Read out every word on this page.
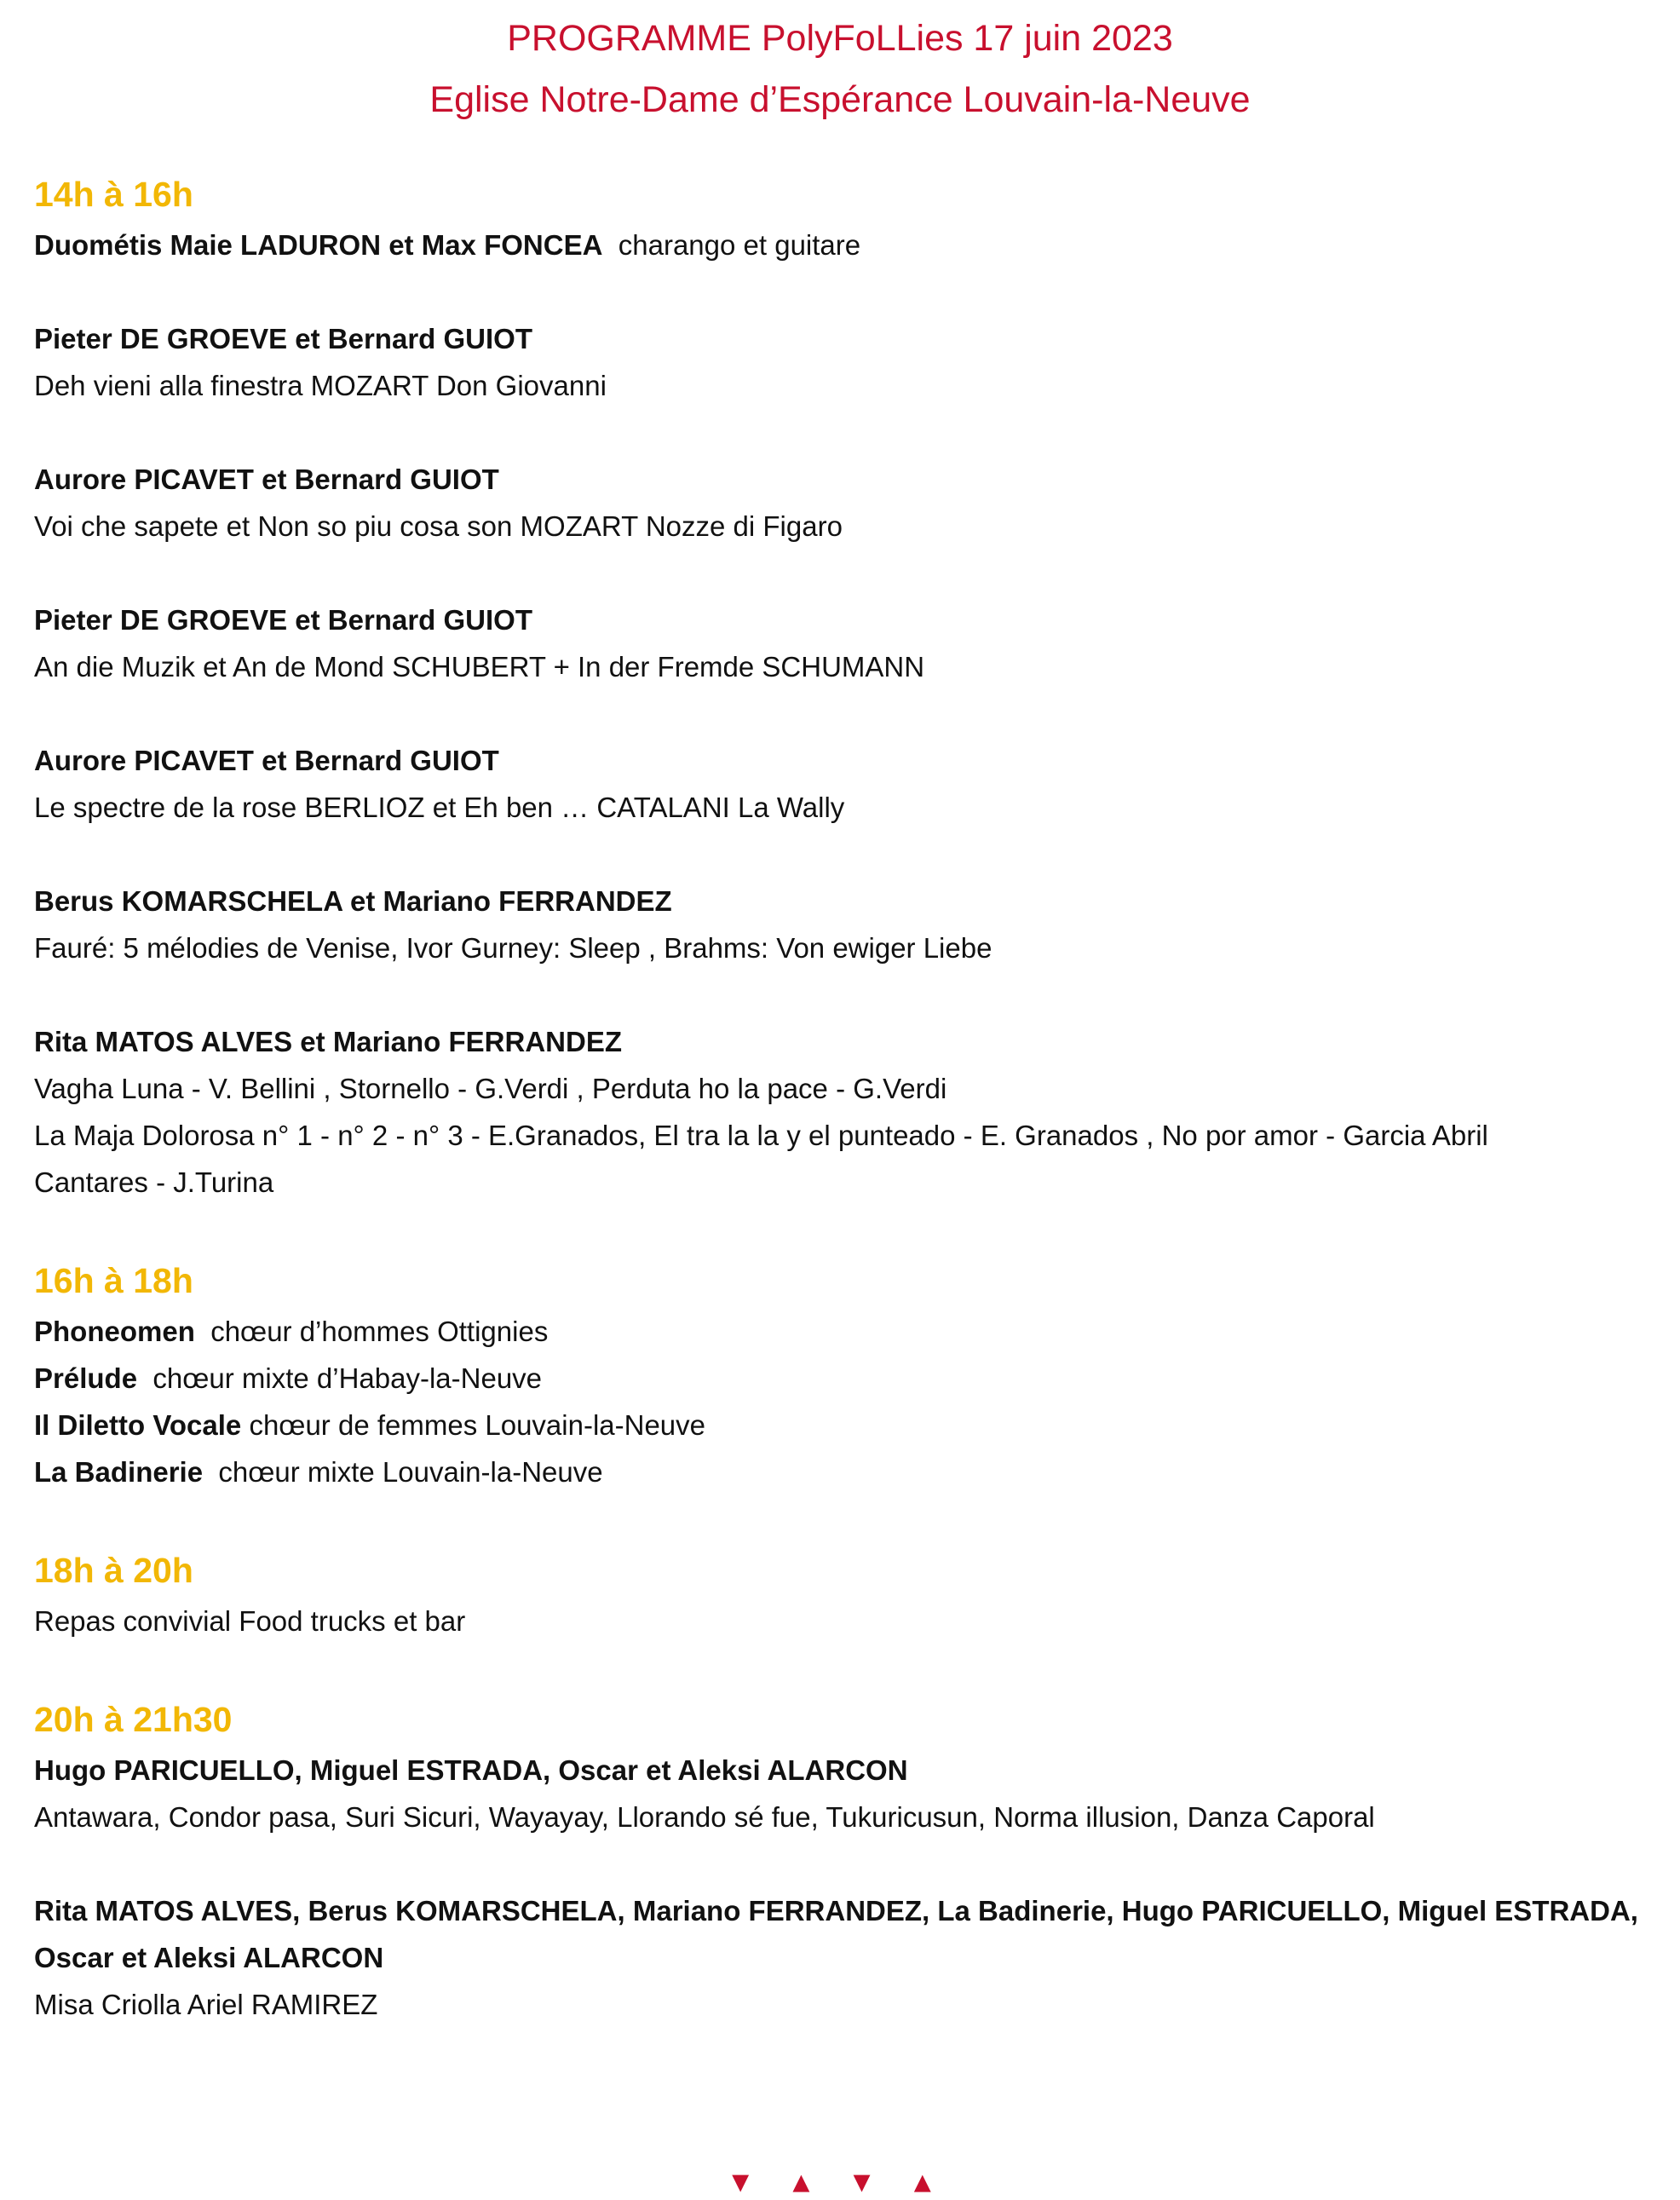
PROGRAMME PolyFoLLies 17 juin 2023
Eglise Notre-Dame d’Espérance Louvain-la-Neuve
14h à 16h
Duométis Maie LADURON et Max FONCEA  charango et guitare
Pieter DE GROEVE et Bernard GUIOT
Deh vieni alla finestra MOZART Don Giovanni
Aurore PICAVET et Bernard GUIOT
Voi che sapete et Non so piu cosa son MOZART Nozze di Figaro
Pieter DE GROEVE et Bernard GUIOT
An die Muzik et An de Mond SCHUBERT + In der Fremde SCHUMANN
Aurore PICAVET et Bernard GUIOT
Le spectre de la rose BERLIOZ et Eh ben … CATALANI La Wally
Berus KOMARSCHELA et Mariano FERRANDEZ
Fauré: 5 mélodies de Venise, Ivor Gurney: Sleep , Brahms: Von ewiger Liebe
Rita MATOS ALVES et Mariano FERRANDEZ
Vagha Luna - V. Bellini , Stornello - G.Verdi , Perduta ho la pace - G.Verdi
La Maja Dolorosa n° 1 - n° 2 - n° 3 - E.Granados, El tra la la y el punteado - E. Granados , No por amor - Garcia Abril
Cantares - J.Turina
16h à 18h
Phoneomen  chœur d’hommes Ottignies
Prélude  chœur mixte d’Habay-la-Neuve
Il Diletto Vocale chœur de femmes Louvain-la-Neuve
La Badinerie  chœur mixte Louvain-la-Neuve
18h à 20h
Repas convivial Food trucks et bar
20h à 21h30
Hugo PARICUELLO, Miguel ESTRADA, Oscar et Aleksi ALARCON
Antawara, Condor pasa, Suri Sicuri, Wayayay, Llorando sé fue, Tukuricusun, Norma illusion, Danza Caporal
Rita MATOS ALVES, Berus KOMARSCHELA, Mariano FERRANDEZ, La Badinerie, Hugo PARICUELLO, Miguel ESTRADA,
Oscar et Aleksi ALARCON
Misa Criolla Ariel RAMIREZ
▾ ▴ ▾ ▴
